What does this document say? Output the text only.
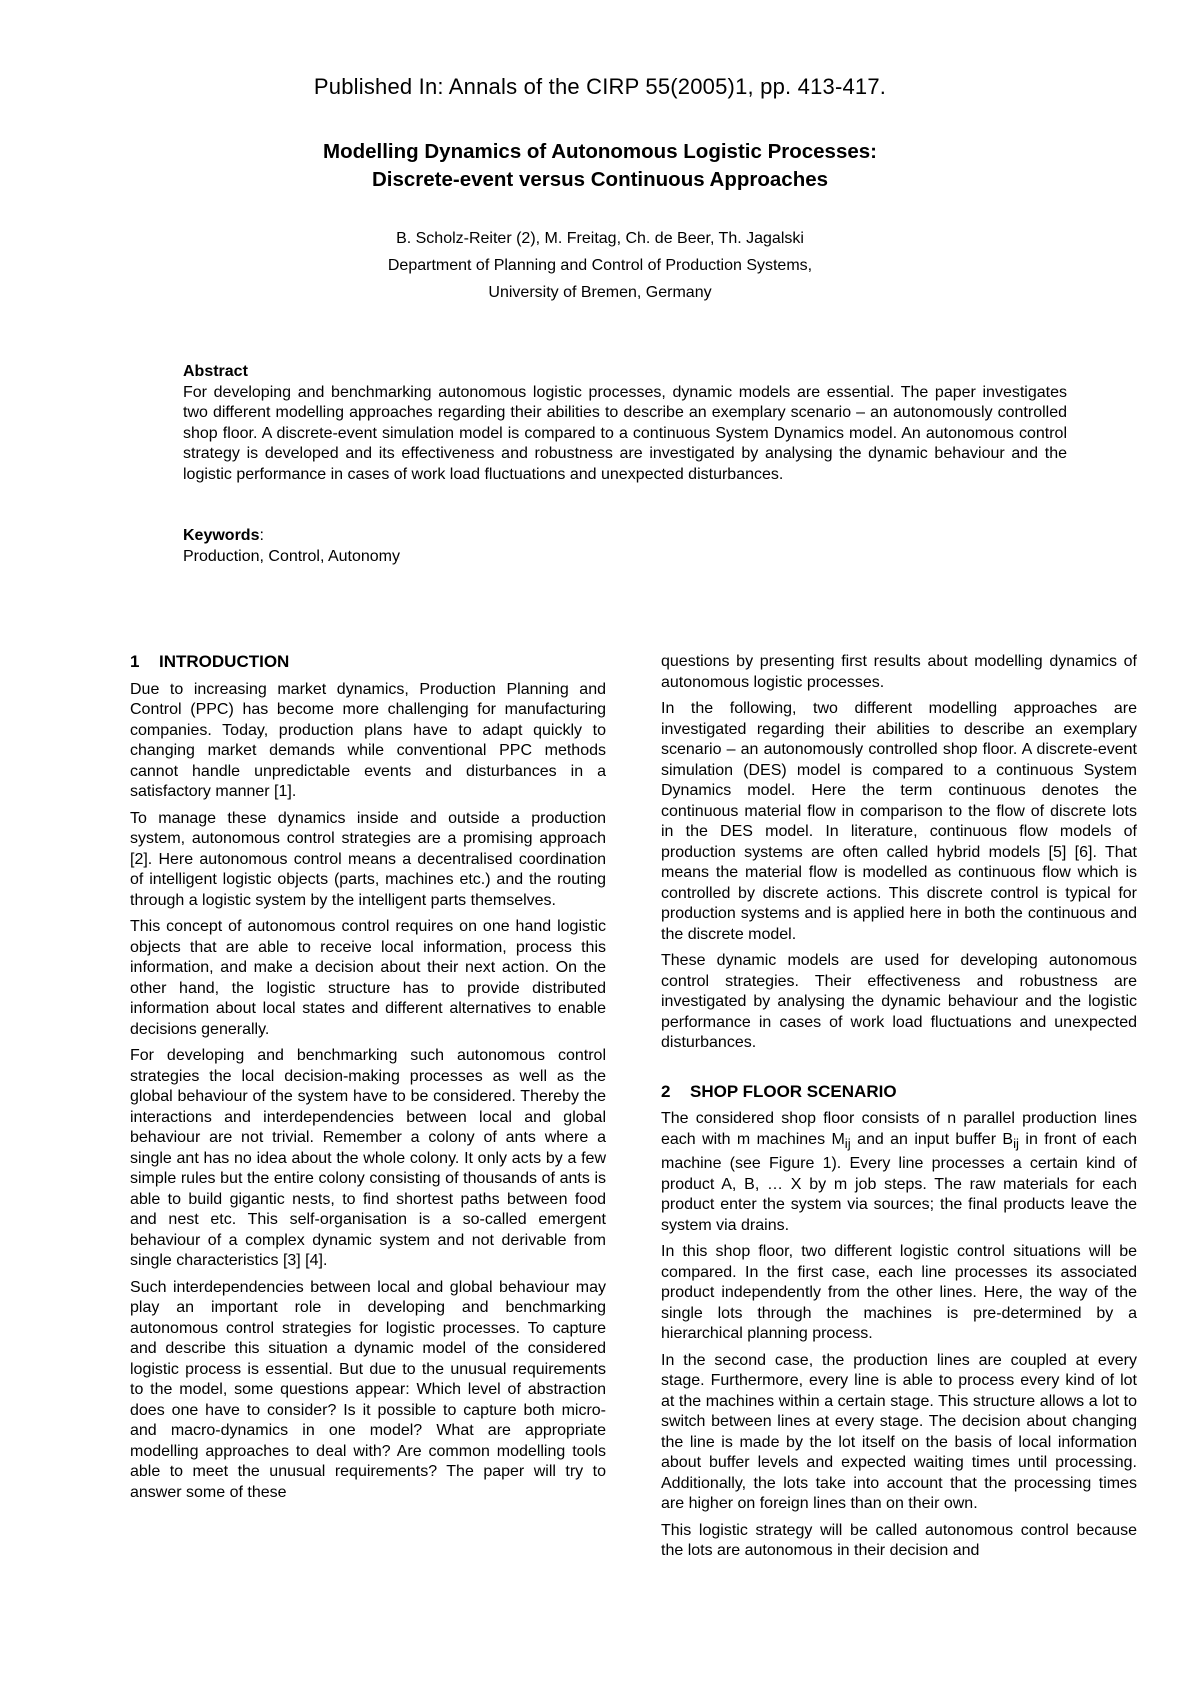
Published In: Annals of the CIRP 55(2005)1, pp. 413-417.
Modelling Dynamics of Autonomous Logistic Processes:
Discrete-event versus Continuous Approaches
B. Scholz-Reiter (2), M. Freitag, Ch. de Beer, Th. Jagalski
Department of Planning and Control of Production Systems,
University of Bremen, Germany
Abstract
For developing and benchmarking autonomous logistic processes, dynamic models are essential. The paper investigates two different modelling approaches regarding their abilities to describe an exemplary scenario – an autonomously controlled shop floor. A discrete-event simulation model is compared to a continuous System Dynamics model. An autonomous control strategy is developed and its effectiveness and robustness are investigated by analysing the dynamic behaviour and the logistic performance in cases of work load fluctuations and unexpected disturbances.
Keywords:
Production, Control, Autonomy
1 INTRODUCTION

Due to increasing market dynamics, Production Planning and Control (PPC) has become more challenging for manufacturing companies. Today, production plans have to adapt quickly to changing market demands while conventional PPC methods cannot handle unpredictable events and disturbances in a satisfactory manner [1].

To manage these dynamics inside and outside a production system, autonomous control strategies are a promising approach [2]. Here autonomous control means a decentralised coordination of intelligent logistic objects (parts, machines etc.) and the routing through a logistic system by the intelligent parts themselves.

This concept of autonomous control requires on one hand logistic objects that are able to receive local information, process this information, and make a decision about their next action. On the other hand, the logistic structure has to provide distributed information about local states and different alternatives to enable decisions generally.

For developing and benchmarking such autonomous control strategies the local decision-making processes as well as the global behaviour of the system have to be considered. Thereby the interactions and interdependencies between local and global behaviour are not trivial. Remember a colony of ants where a single ant has no idea about the whole colony. It only acts by a few simple rules but the entire colony consisting of thousands of ants is able to build gigantic nests, to find shortest paths between food and nest etc. This self-organisation is a so-called emergent behaviour of a complex dynamic system and not derivable from single characteristics [3] [4].

Such interdependencies between local and global behaviour may play an important role in developing and benchmarking autonomous control strategies for logistic processes. To capture and describe this situation a dynamic model of the considered logistic process is essential. But due to the unusual requirements to the model, some questions appear: Which level of abstraction does one have to consider? Is it possible to capture both micro- and macro-dynamics in one model? What are appropriate modelling approaches to deal with? Are common modelling tools able to meet the unusual requirements? The paper will try to answer some of these

questions by presenting first results about modelling dynamics of autonomous logistic processes.

In the following, two different modelling approaches are investigated regarding their abilities to describe an exemplary scenario – an autonomously controlled shop floor. A discrete-event simulation (DES) model is compared to a continuous System Dynamics model. Here the term continuous denotes the continuous material flow in comparison to the flow of discrete lots in the DES model. In literature, continuous flow models of production systems are often called hybrid models [5] [6]. That means the material flow is modelled as continuous flow which is controlled by discrete actions. This discrete control is typical for production systems and is applied here in both the continuous and the discrete model.

These dynamic models are used for developing autonomous control strategies. Their effectiveness and robustness are investigated by analysing the dynamic behaviour and the logistic performance in cases of work load fluctuations and unexpected disturbances.

2 SHOP FLOOR SCENARIO

The considered shop floor consists of n parallel production lines each with m machines $M_{ij}$ and an input buffer $B_{ij}$ in front of each machine (see Figure 1). Every line processes a certain kind of product A, B, … X by m job steps. The raw materials for each product enter the system via sources; the final products leave the system via drains.

In this shop floor, two different logistic control situations will be compared. In the first case, each line processes its associated product independently from the other lines. Here, the way of the single lots through the machines is pre-determined by a hierarchical planning process.

In the second case, the production lines are coupled at every stage. Furthermore, every line is able to process every kind of lot at the machines within a certain stage. This structure allows a lot to switch between lines at every stage. The decision about changing the line is made by the lot itself on the basis of local information about buffer levels and expected waiting times until processing. Additionally, the lots take into account that the processing times are higher on foreign lines than on their own.

This logistic strategy will be called autonomous control because the lots are autonomous in their decision and
